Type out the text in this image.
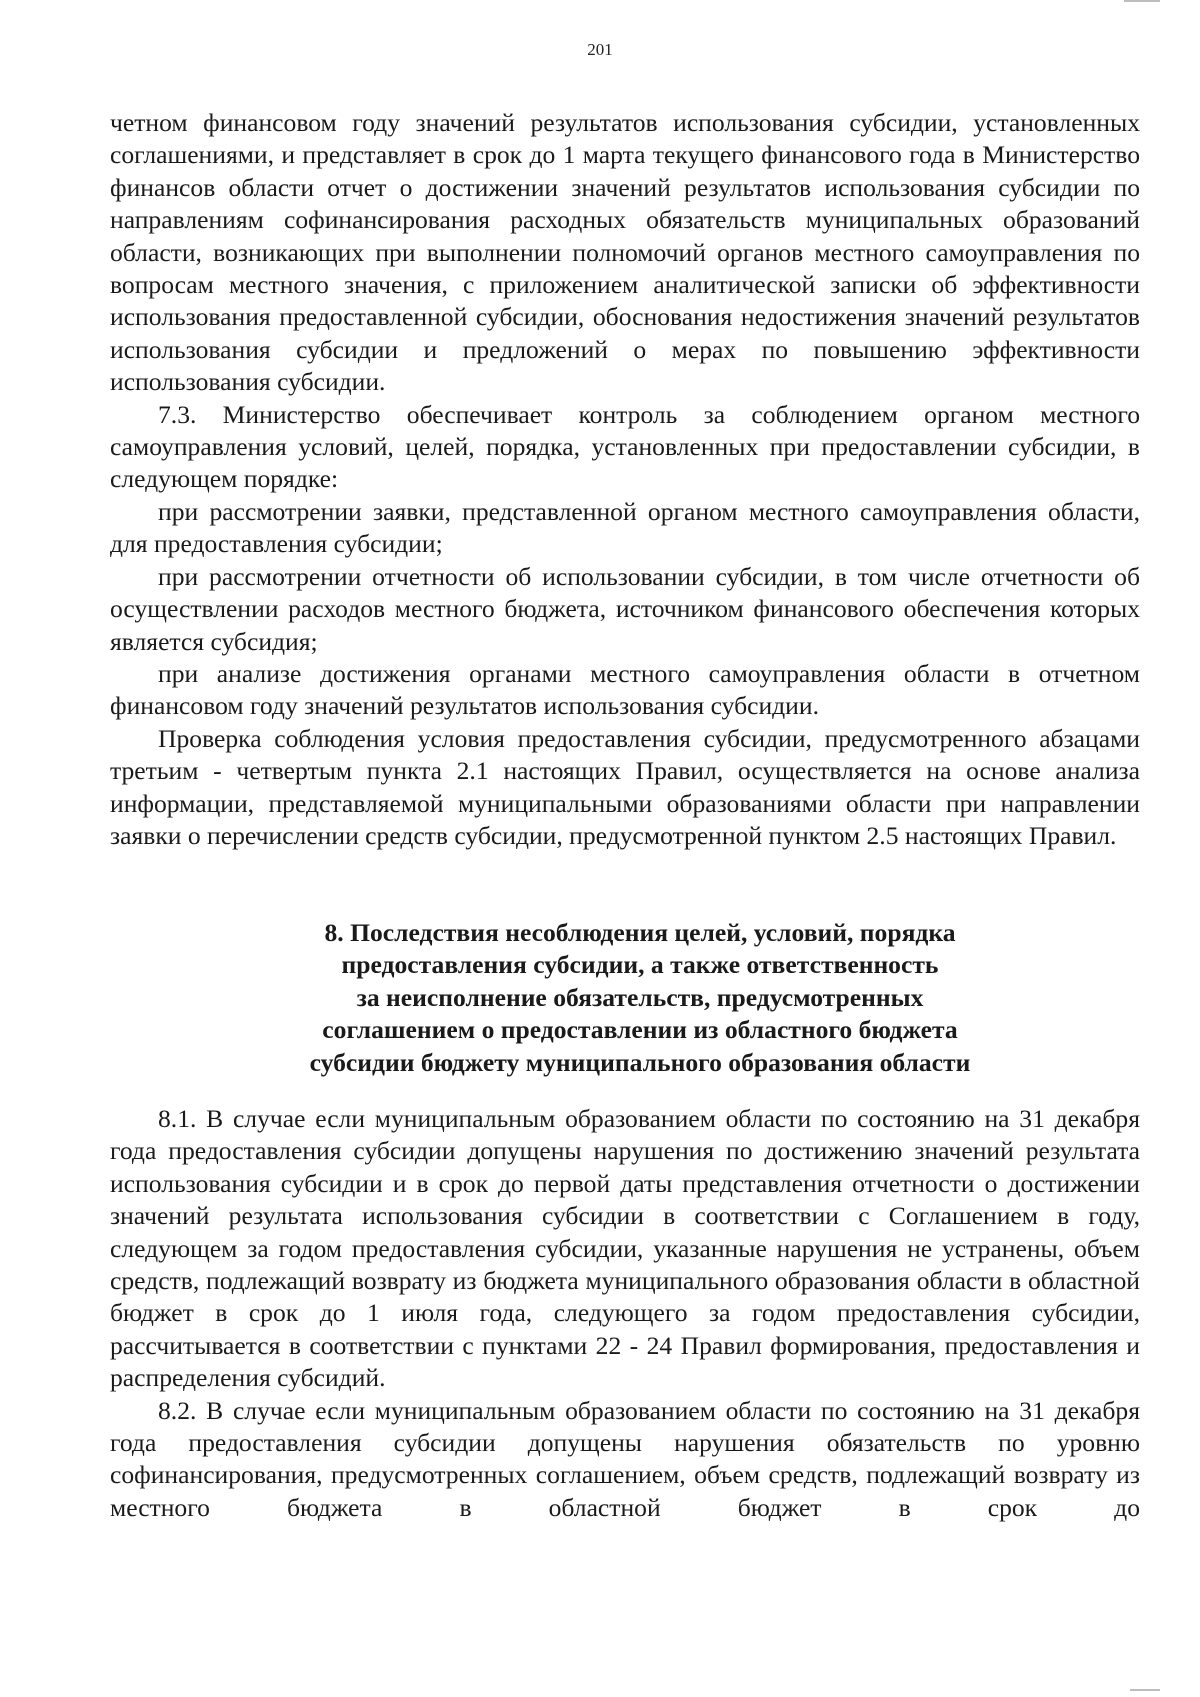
201

четном финансовом году значений результатов использования субсидии, установленных соглашениями, и представляет в срок до 1 марта текущего финансового года в Министерство финансов области отчет о достижении значений результатов использования субсидии по направлениям софинансирования расходных обязательств муниципальных образований области, возникающих при выполнении полномочий органов местного самоуправления по вопросам местного значения, с приложением аналитической записки об эффективности использования предоставленной субсидии, обоснования недостижения значений результатов использования субсидии и предложений о мерах по повышению эффективности использования субсидии.

7.3. Министерство обеспечивает контроль за соблюдением органом местного самоуправления условий, целей, порядка, установленных при предоставлении субсидии, в следующем порядке:

при рассмотрении заявки, представленной органом местного самоуправления области, для предоставления субсидии;

при рассмотрении отчетности об использовании субсидии, в том числе отчетности об осуществлении расходов местного бюджета, источником финансового обеспечения которых является субсидия;

при анализе достижения органами местного самоуправления области в отчетном финансовом году значений результатов использования субсидии.

Проверка соблюдения условия предоставления субсидии, предусмотренного абзацами третьим - четвертым пункта 2.1 настоящих Правил, осуществляется на основе анализа информации, представляемой муниципальными образованиями области при направлении заявки о перечислении средств субсидии, предусмотренной пунктом 2.5 настоящих Правил.

8. Последствия несоблюдения целей, условий, порядка
предоставления субсидии, а также ответственность
за неисполнение обязательств, предусмотренных
соглашением о предоставлении из областного бюджета
субсидии бюджету муниципального образования области

8.1. В случае если муниципальным образованием области по состоянию на 31 декабря года предоставления субсидии допущены нарушения по достижению значений результата использования субсидии и в срок до первой даты представления отчетности о достижении значений результата использования субсидии в соответствии с Соглашением в году, следующем за годом предоставления субсидии, указанные нарушения не устранены, объем средств, подлежащий возврату из бюджета муниципального образования области в областной бюджет в срок до 1 июля года, следующего за годом предоставления субсидии, рассчитывается в соответствии с пунктами 22 - 24 Правил формирования, предоставления и распределения субсидий.

8.2. В случае если муниципальным образованием области по состоянию на 31 декабря года предоставления субсидии допущены нарушения обязательств по уровню софинансирования, предусмотренных соглашением, объем средств, подлежащий возврату из местного бюджета в областной бюджет в срок до
